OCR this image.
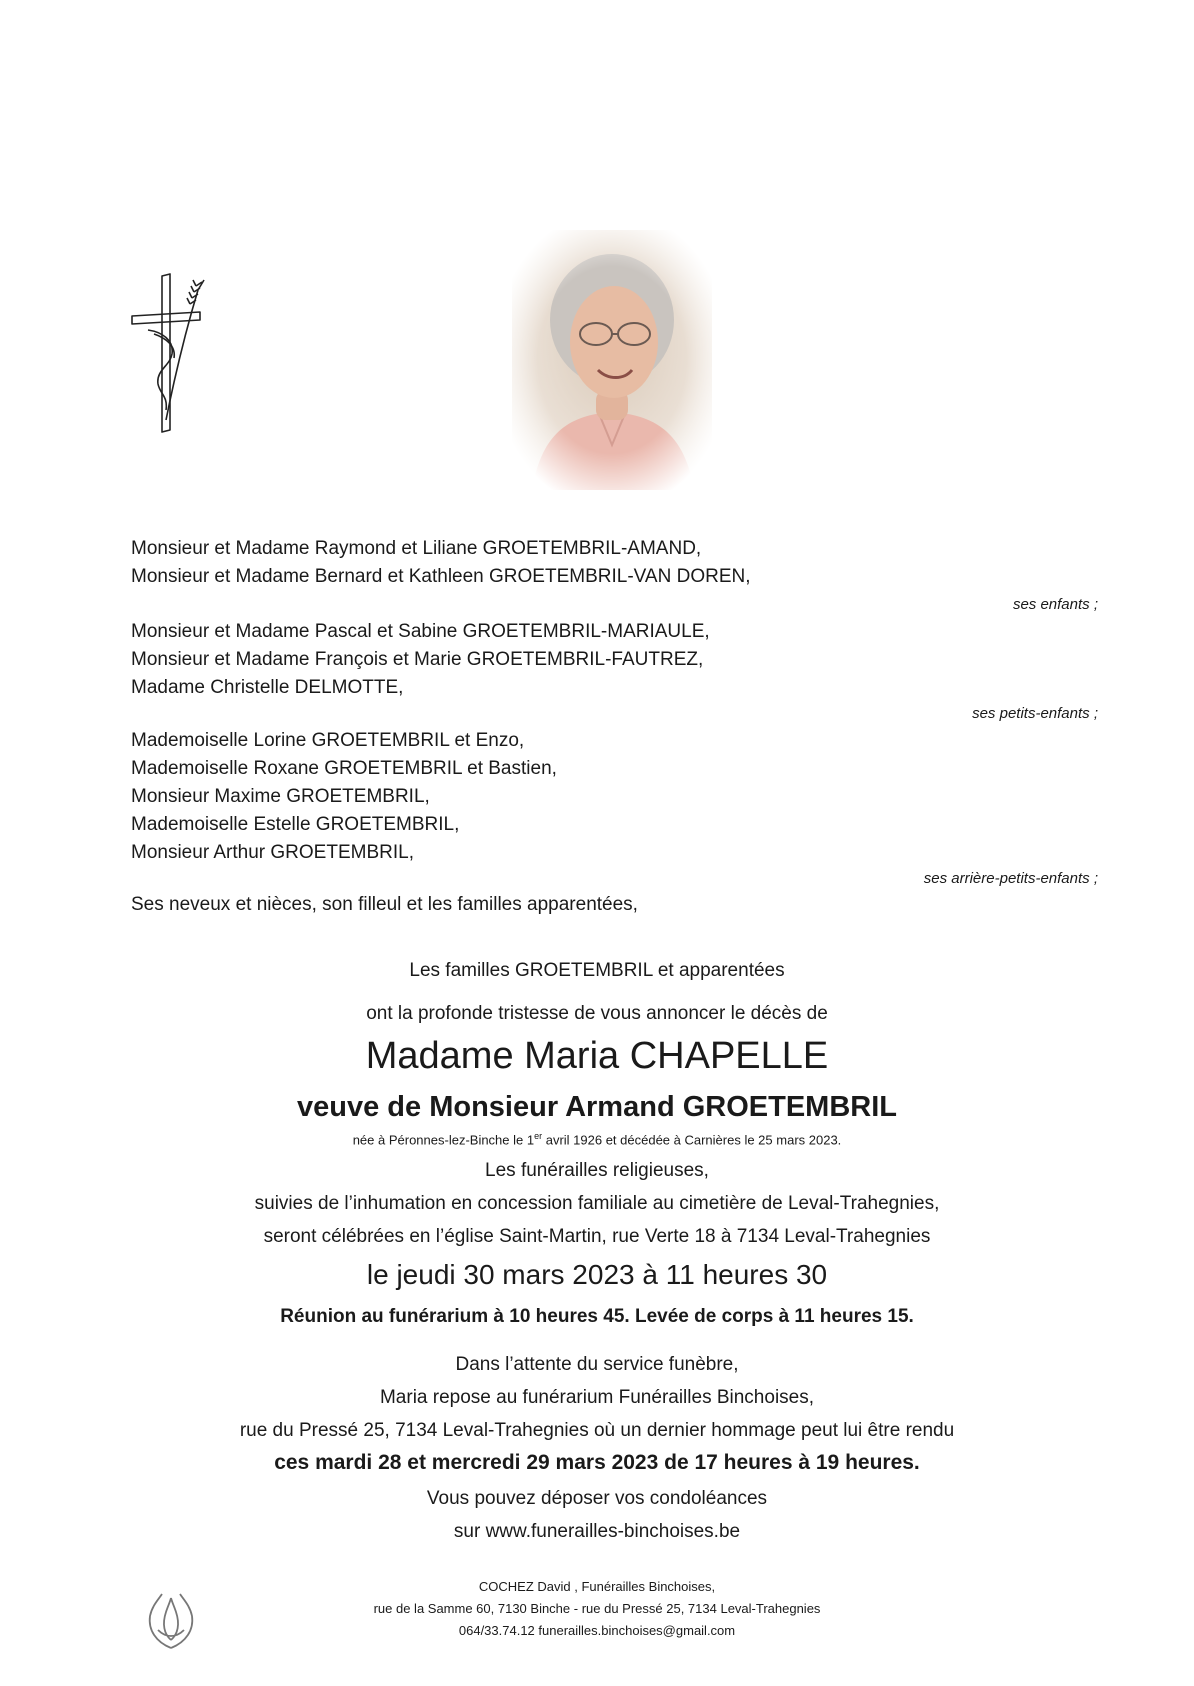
Monsieur et Madame Raymond et Liliane GROETEMBRIL-AMAND,
Monsieur et Madame Bernard et Kathleen GROETEMBRIL-VAN DOREN,
ses enfants ;
Monsieur et Madame Pascal et Sabine GROETEMBRIL-MARIAULE,
Monsieur et Madame François et Marie GROETEMBRIL-FAUTREZ,
Madame Christelle DELMOTTE,
ses petits-enfants ;
Mademoiselle Lorine GROETEMBRIL et Enzo,
Mademoiselle Roxane GROETEMBRIL et Bastien,
Monsieur Maxime GROETEMBRIL,
Mademoiselle Estelle GROETEMBRIL,
Monsieur Arthur GROETEMBRIL,
ses arrière-petits-enfants ;
Ses neveux et nièces, son filleul et les familles apparentées,
Les familles GROETEMBRIL et apparentées
ont la profonde tristesse de vous annoncer le décès de
Madame Maria CHAPELLE
veuve de Monsieur Armand GROETEMBRIL
née à Péronnes-lez-Binche le 1er avril 1926 et décédée à Carnières le 25 mars 2023.
Les funérailles religieuses,
suivies de l’inhumation en concession familiale au cimetière de Leval-Trahegnies,
seront célébrées en l’église Saint-Martin, rue Verte 18 à 7134 Leval-Trahegnies
le jeudi 30 mars 2023 à 11 heures 30
Réunion au funérarium à 10 heures 45. Levée de corps à 11 heures 15.
Dans l’attente du service funèbre,
Maria repose au funérarium Funérailles Binchoises,
rue du Pressé 25, 7134 Leval-Trahegnies où un dernier hommage peut lui être rendu
ces mardi 28 et mercredi 29 mars 2023 de 17 heures à 19 heures.
Vous pouvez déposer vos condoléances
sur www.funerailles-binchoises.be
COCHEZ David , Funérailles Binchoises,
rue de la Samme 60, 7130 Binche - rue du Pressé 25, 7134 Leval-Trahegnies
064/33.74.12 funerailles.binchoises@gmail.com
